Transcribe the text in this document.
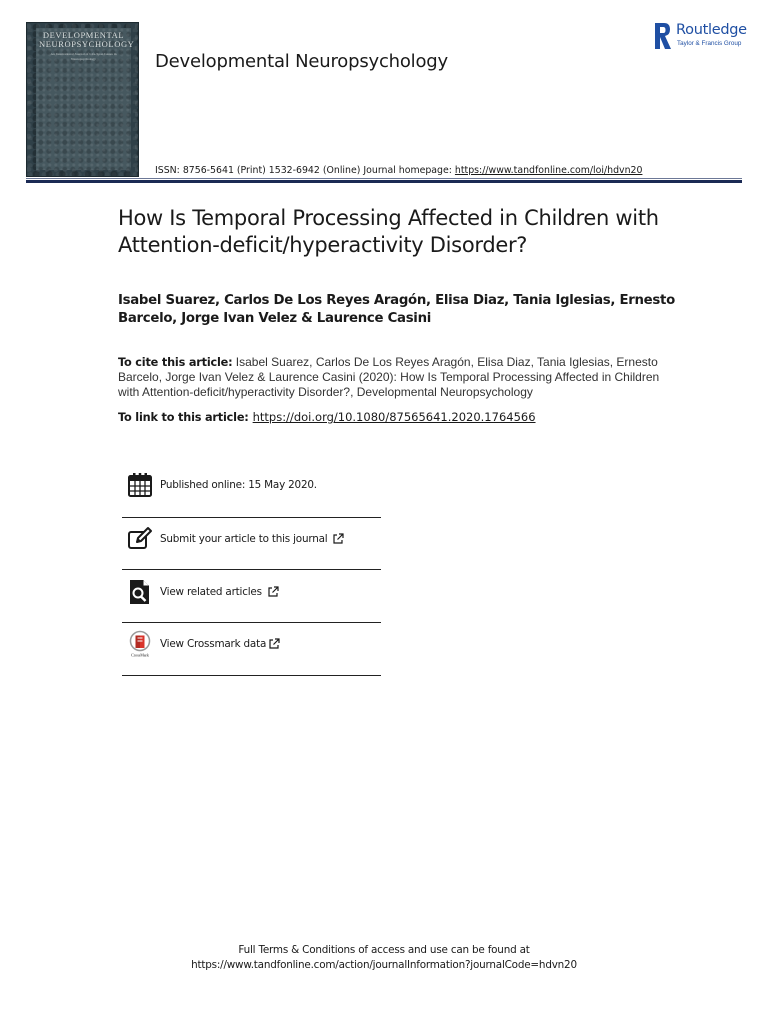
DEVELOPMENTAL
NEUROPSYCHOLOGY
An International Journal of Life-Span Issues in Neuropsychology	Developmental Neuropsychology
Routledge
Taylor & Francis Group
ISSN: 8756-5641 (Print) 1532-6942 (Online) Journal homepage: https://www.tandfonline.com/loi/hdvn20
How Is Temporal Processing Affected in Children with Attention-deficit/hyperactivity Disorder?
Isabel Suarez, Carlos De Los Reyes Aragón, Elisa Diaz, Tania Iglesias, Ernesto Barcelo, Jorge Ivan Velez & Laurence Casini
To cite this article: Isabel Suarez, Carlos De Los Reyes Aragón, Elisa Diaz, Tania Iglesias, Ernesto Barcelo, Jorge Ivan Velez & Laurence Casini (2020): How Is Temporal Processing Affected in Children with Attention-deficit/hyperactivity Disorder?, Developmental Neuropsychology
To link to this article: https://doi.org/10.1080/87565641.2020.1764566
Published online: 15 May 2020.
Submit your article to this journal
View related articles
CrossMark
View Crossmark data
Full Terms & Conditions of access and use can be found at
https://www.tandfonline.com/action/journalInformation?journalCode=hdvn20
